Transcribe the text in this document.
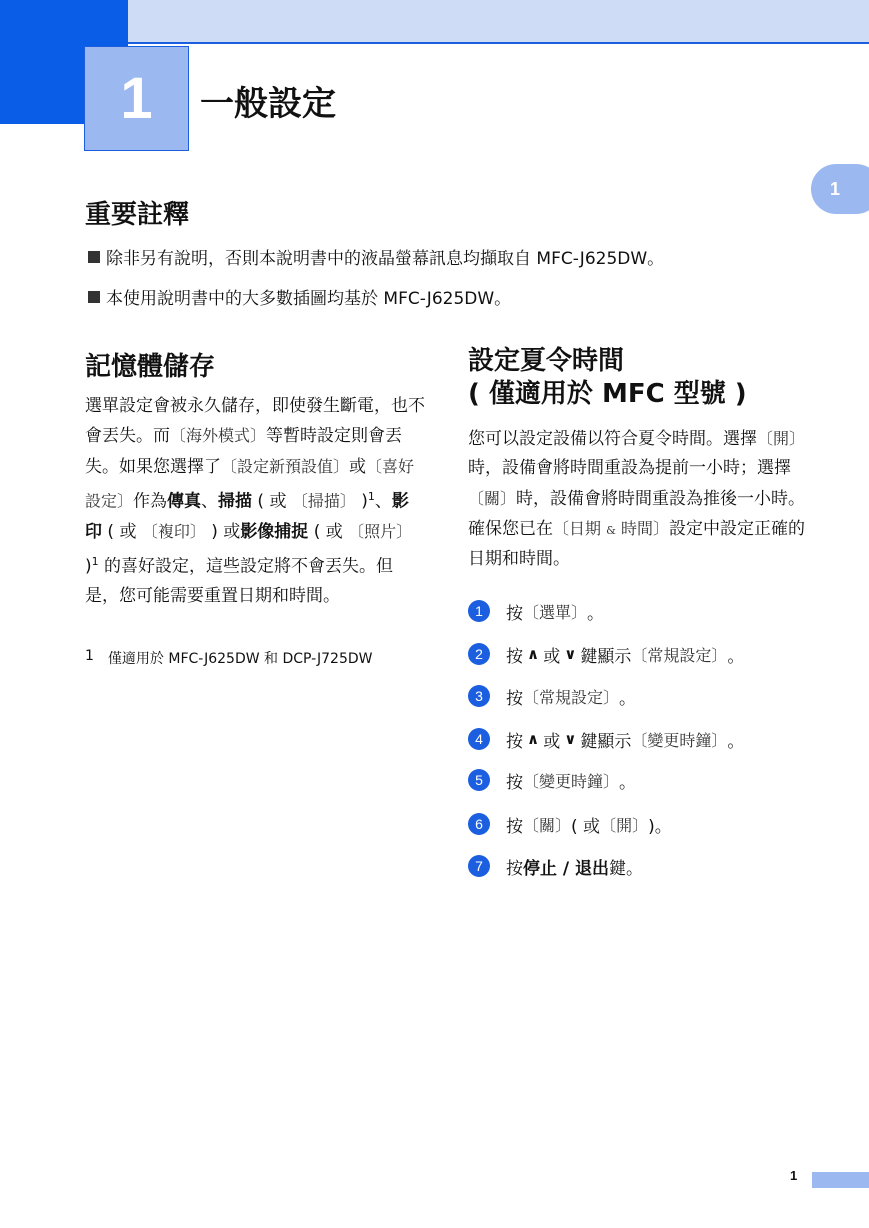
1	一般設定
1
重要註釋
除非另有說明，否則本說明書中的液晶螢幕訊息均擷取自 MFC-J625DW。
本使用說明書中的大多數插圖均基於 MFC-J625DW。
記憶體儲存

選單設定會被永久儲存，即使發生斷電，也不會丟失。而〔海外模式〕等暫時設定則會丟失。如果您選擇了〔設定新預設值〕或〔喜好設定〕作為傳真、掃描 ( 或 〔掃描〕 )$^1$、影印 ( 或 〔複印〕 ) 或影像捕捉 ( 或 〔照片〕 )$^1$ 的喜好設定，這些設定將不會丟失。但是，您可能需要重置日期和時間。

1 僅適用於 MFC-J625DW 和 DCP-J725DW
設定夏令時間
( 僅適用於 MFC 型號 )

您可以設定設備以符合夏令時間。選擇〔開〕時，設備會將時間重設為提前一小時；選擇〔關〕時，設備會將時間重設為推後一小時。確保您已在〔日期 & 時間〕設定中設定正確的日期和時間。

1	按 〔選單〕 。
2	按 ∧ 或 ∨ 鍵顯示 〔常規設定〕 。
3	按 〔常規設定〕 。
4	按 ∧ 或 ∨ 鍵顯示 〔變更時鐘〕 。
5	按 〔變更時鐘〕 。
6	按 〔關〕 ( 或 〔開〕 )。
7	按 停止 / 退出 鍵。
1
